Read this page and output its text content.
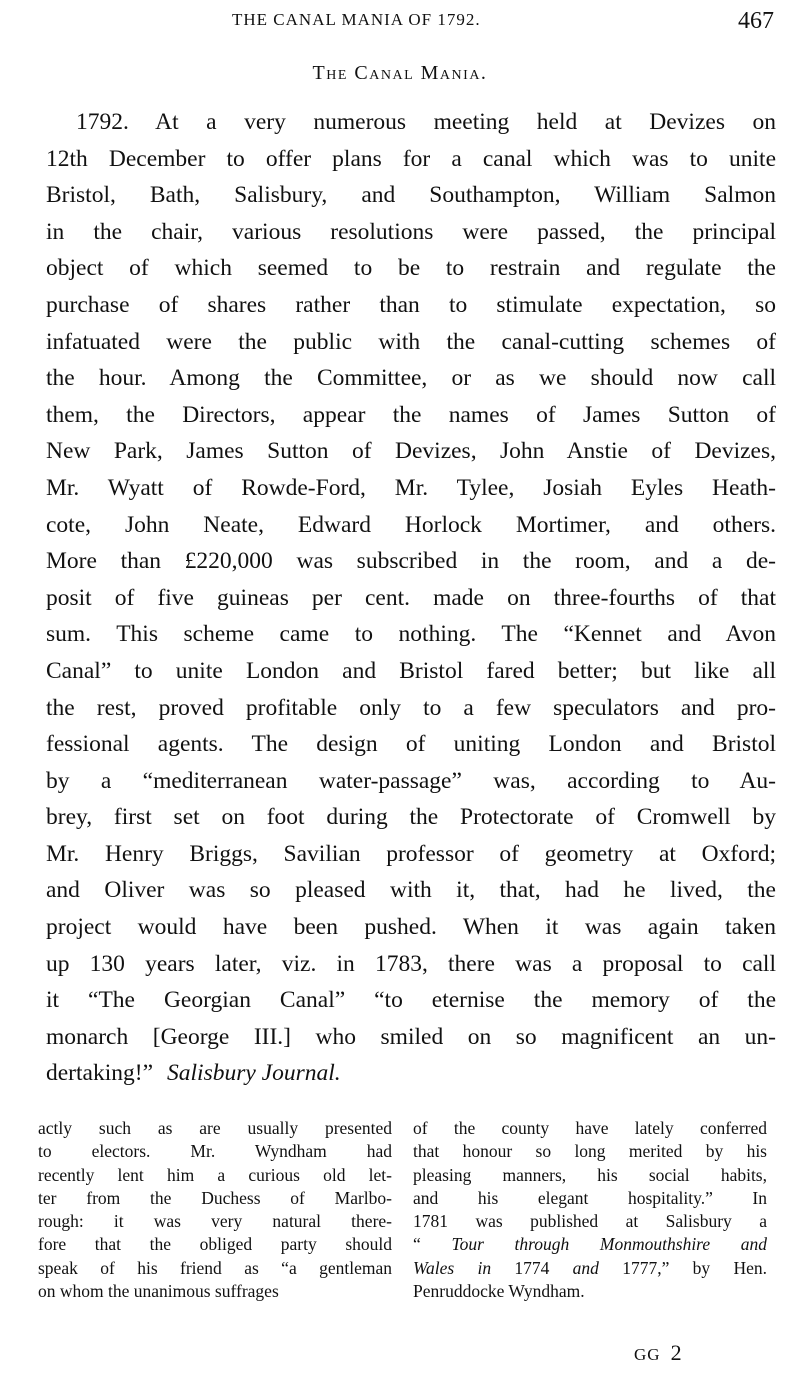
THE CANAL MANIA OF 1792.	467
The Canal Mania.
1792. At a very numerous meeting held at Devizes on
12th December to offer plans for a canal which was to unite
Bristol, Bath, Salisbury, and Southampton, William Salmon
in the chair, various resolutions were passed, the principal
object of which seemed to be to restrain and regulate the
purchase of shares rather than to stimulate expectation, so
infatuated were the public with the canal-cutting schemes of
the hour. Among the Committee, or as we should now call
them, the Directors, appear the names of James Sutton of
New Park, James Sutton of Devizes, John Anstie of Devizes,
Mr. Wyatt of Rowde-Ford, Mr. Tylee, Josiah Eyles Heath-
cote, John Neate, Edward Horlock Mortimer, and others.
More than £220,000 was subscribed in the room, and a de-
posit of five guineas per cent. made on three-fourths of that
sum. This scheme came to nothing. The “Kennet and Avon
Canal” to unite London and Bristol fared better; but like all
the rest, proved profitable only to a few speculators and pro-
fessional agents. The design of uniting London and Bristol
by a “mediterranean water-passage” was, according to Au-
brey, first set on foot during the Protectorate of Cromwell by
Mr. Henry Briggs, Savilian professor of geometry at Oxford;
and Oliver was so pleased with it, that, had he lived, the
project would have been pushed. When it was again taken
up 130 years later, viz. in 1783, there was a proposal to call
it “The Georgian Canal” “to eternise the memory of the
monarch [George III.] who smiled on so magnificent an un-
dertaking!” Salisbury Journal.
actly such as are usually presented
to electors. Mr. Wyndham had
recently lent him a curious old let-
ter from the Duchess of Marlbo-
rough: it was very natural there-
fore that the obliged party should
speak of his friend as “a gentleman
on whom the unanimous suffrages
of the county have lately conferred
that honour so long merited by his
pleasing manners, his social habits,
and his elegant hospitality.” In
1781 was published at Salisbury a
“ Tour through Monmouthshire and
Wales in 1774 and 1777,” by Hen.
Penruddocke Wyndham.
GG 2
